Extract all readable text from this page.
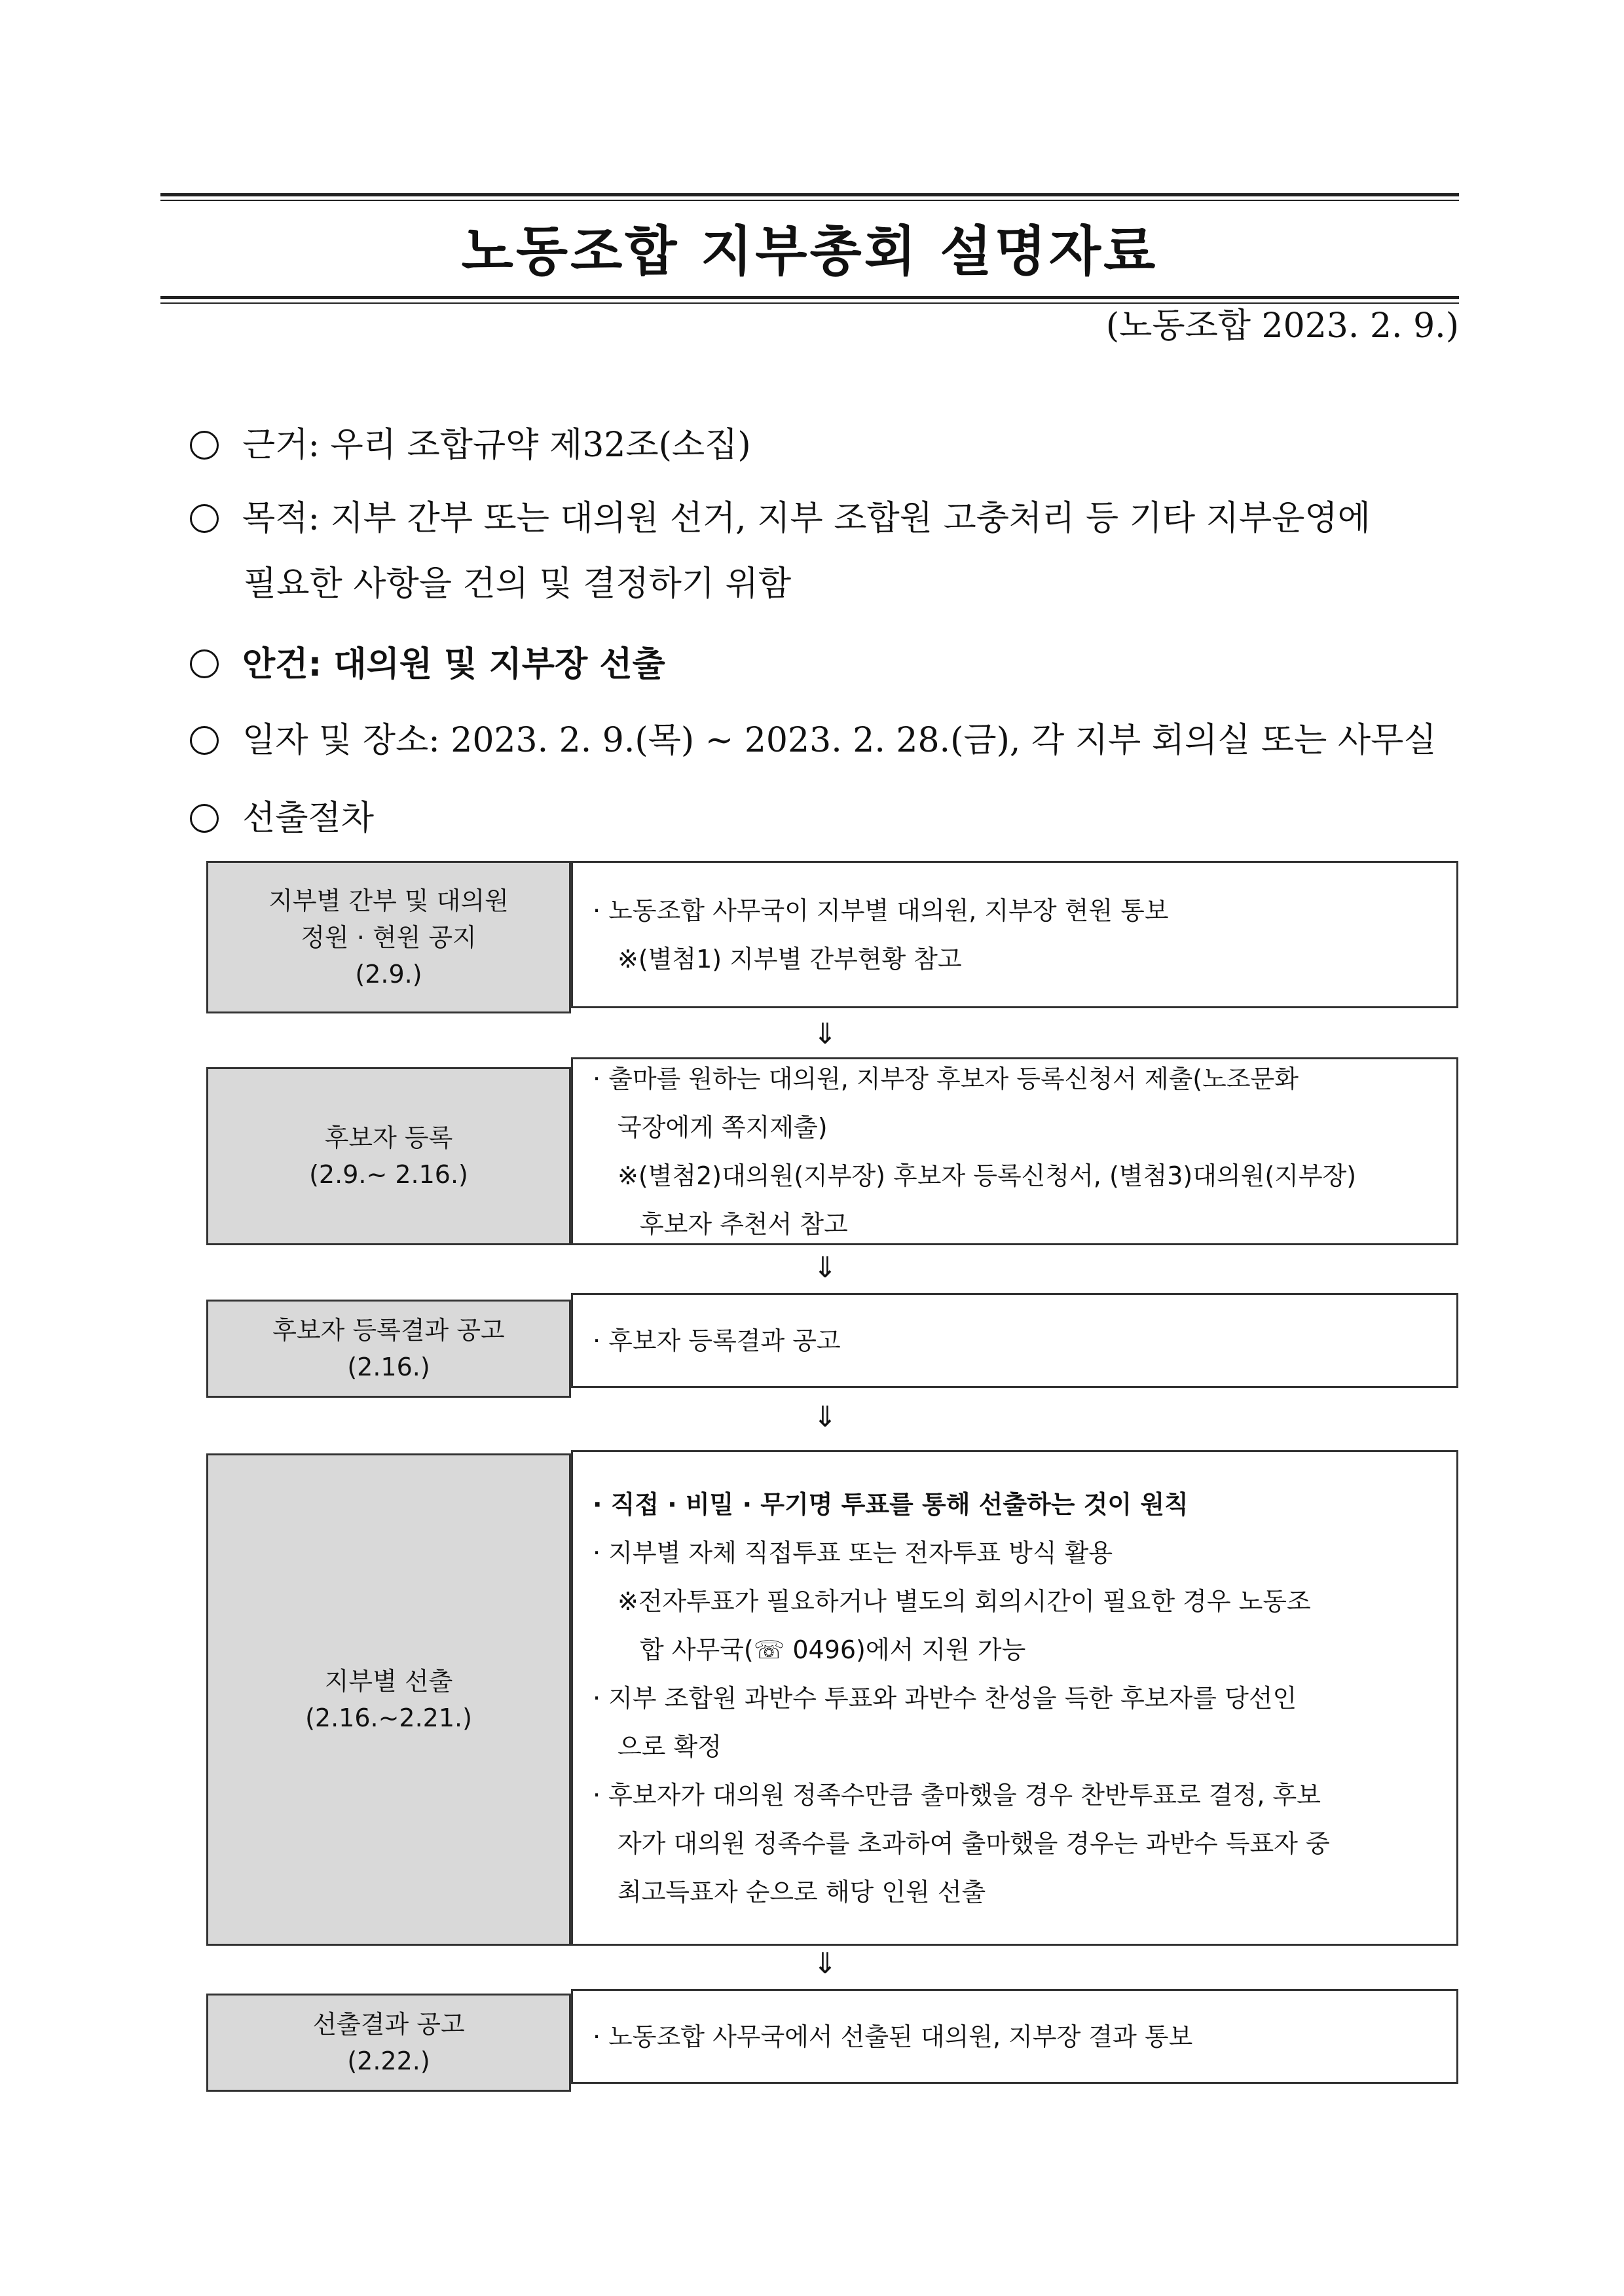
노동조합 지부총회 설명자료
(노동조합 2023. 2. 9.)
근거: 우리 조합규약 제32조(소집)
목적: 지부 간부 또는 대의원 선거, 지부 조합원 고충처리 등 기타 지부운영에
필요한 사항을 건의 및 결정하기 위함
안건: 대의원 및 지부장 선출
일자 및 장소: 2023. 2. 9.(목) ~ 2023. 2. 28.(금), 각 지부 회의실 또는 사무실
선출절차
지부별 간부 및 대의원
정원 · 현원 공지
(2.9.)
· 노동조합 사무국이 지부별 대의원, 지부장 현원 통보
※(별첨1) 지부별 간부현황 참고
⇓
후보자 등록
(2.9.~ 2.16.)
· 출마를 원하는 대의원, 지부장 후보자 등록신청서 제출(노조문화
국장에게 쪽지제출)
※(별첨2)대의원(지부장) 후보자 등록신청서, (별첨3)대의원(지부장)
후보자 추천서 참고
⇓
후보자 등록결과 공고
(2.16.)
· 후보자 등록결과 공고
⇓
지부별 선출
(2.16.~2.21.)
· 직접 · 비밀 · 무기명 투표를 통해 선출하는 것이 원칙
· 지부별 자체 직접투표 또는 전자투표 방식 활용
※전자투표가 필요하거나 별도의 회의시간이 필요한 경우 노동조
합 사무국(☏ 0496)에서 지원 가능
· 지부 조합원 과반수 투표와 과반수 찬성을 득한 후보자를 당선인
으로 확정
· 후보자가 대의원 정족수만큼 출마했을 경우 찬반투표로 결정, 후보
자가 대의원 정족수를 초과하여 출마했을 경우는 과반수 득표자 중
최고득표자 순으로 해당 인원 선출
⇓
선출결과 공고
(2.22.)
· 노동조합 사무국에서 선출된 대의원, 지부장 결과 통보
